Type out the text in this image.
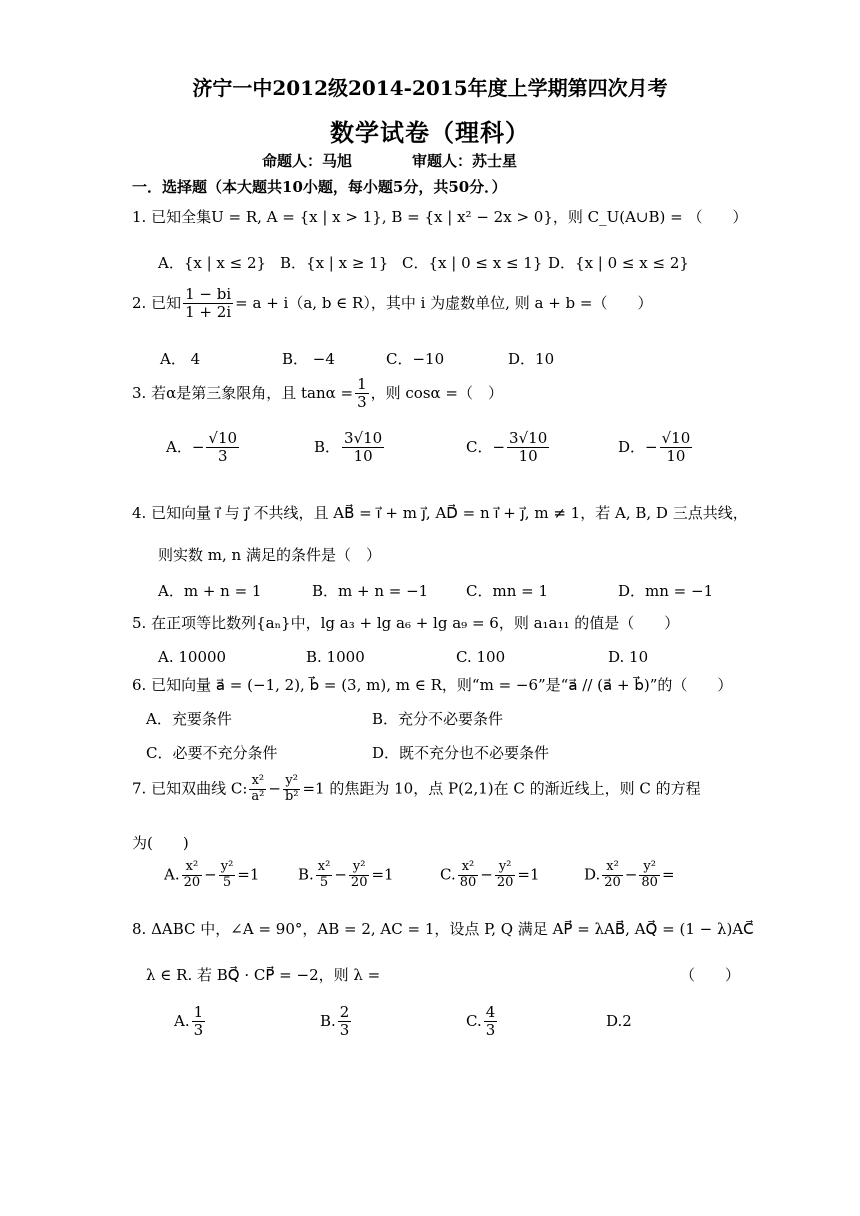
济宁一中2012级2014-2015年度上学期第四次月考
数学试卷（理科）
命题人：马旭	审题人：苏士星
一．选择题（本大题共10小题，每小题5分，共50分．）
1. 已知全集U = R, A = {x | x > 1}, B = {x | x² − 2x > 0}，则 C_U(A∪B) = （　　）
A．{x | x ≤ 2} B．{x | x ≥ 1} C．{x | 0 ≤ x ≤ 1} D．{x | 0 ≤ x ≤ 2}
2. 已知 $\frac{1 - bi}{1 + 2i} = a + i(a$, b ∈ R），其中 i 为虚数单位, 则 a + b =（　　）
A． 4	B． −4	C．−10	D．10
3. 若α是第三象限角，且 $\tan\alpha = \frac{1}{3}$ ，则 cosα =（　）
A．− $\frac{√10}{3}$	B． $\frac{3√10}{10}$	C．− $\frac{3√10}{10}$	D．− $\frac{√10}{10}$
4. 已知向量 i⃗ 与 j⃗ 不共线，且 AB⃗ = i⃗ + m j⃗, AD⃗ = n i⃗ + j⃗, m ≠ 1，若 A, B, D 三点共线，
则实数 m, n 满足的条件是（　）
A．m + n = 1	B．m + n = −1	C．mn = 1	D．mn = −1
5. 在正项等比数列{aₙ}中，lg a₃ + lg a₆ + lg a₉ = 6，则 a₁a₁₁ 的值是（　　）
A. 10000	B. 1000	C. 100	D. 10
6. 已知向量 a⃗ = (−1, 2), b⃗ = (3, m), m ∈ R，则“m = −6”是“a⃗ // (a⃗ + b⃗)”的（　　）
A．充要条件	B．充分不必要条件
C．必要不充分条件	D．既不充分也不必要条件
7. 已知双曲线 C: $\frac{\text{x²}}{\text{a²}} - \frac{\text{y²}}{\text{b²}} =1$ 的焦距为 10，点 P(2,1)在 C 的渐近线上，则 C 的方程
为(　　)
A. $\frac{\text{x²}}{20} - \frac{\text{y²}}{5} =1$	B. $\frac{\text{x²}}{5} - \frac{\text{y²}}{20} =1$	C. $\frac{\text{x²}}{80} - \frac{\text{y²}}{20} =1$	D. $\frac{\text{x²}}{20} - \frac{\text{y²}}{80}$ =
8. ΔABC 中，∠A = 90°，AB = 2, AC = 1，设点 P, Q 满足 AP⃗ = λAB⃗, AQ⃗ = (1 − λ)AC⃗
λ ∈ R. 若 BQ⃗ · CP⃗ = −2，则 λ =	（　　）
A. $\frac{1}{3}$	B. $\frac{2}{3}$	C. $\frac{4}{3}$	D.2
